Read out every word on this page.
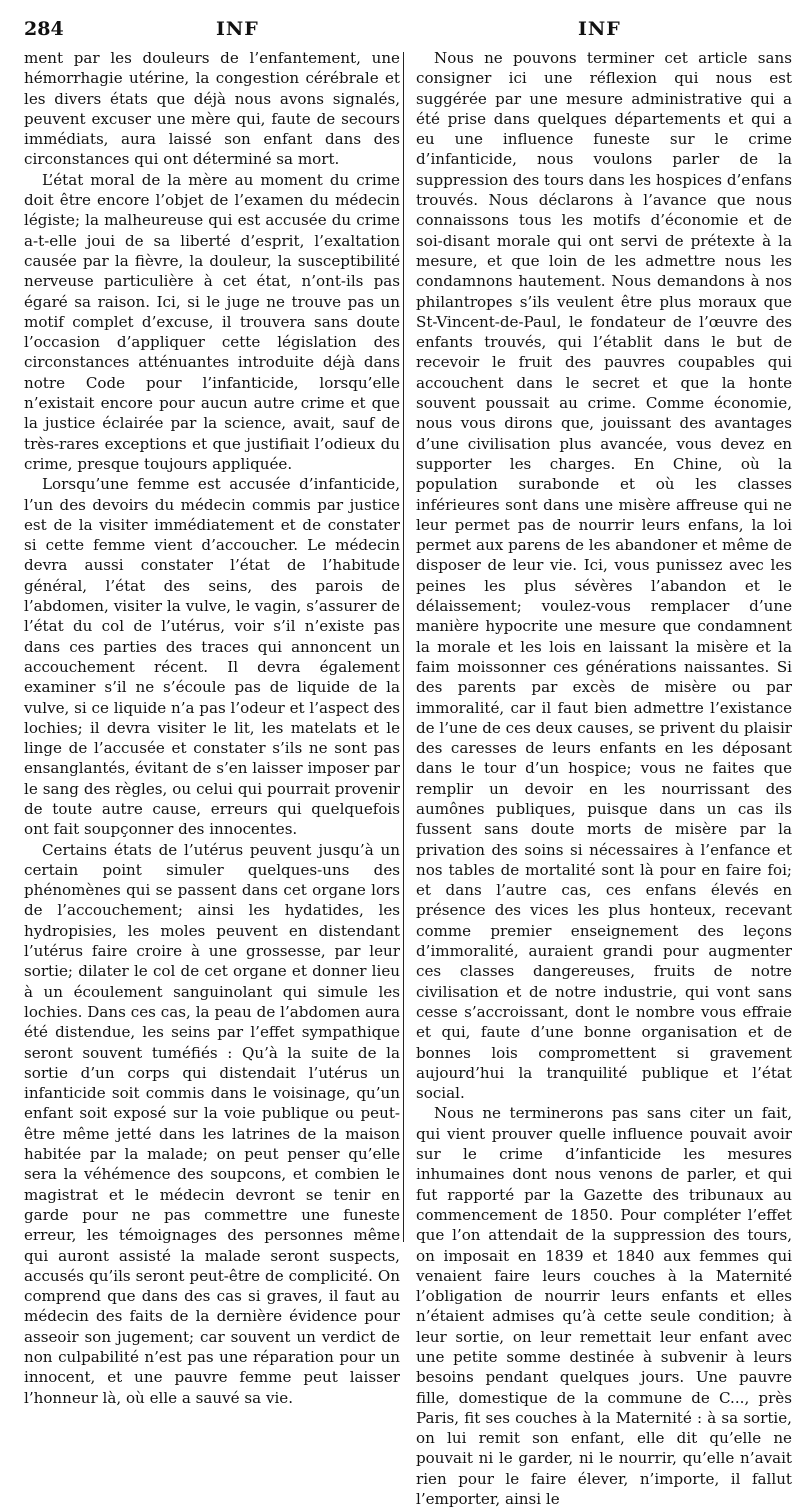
284	INF	INF

ment par les douleurs de l’enfantement, une hémorrhagie utérine, la congestion cérébrale et les divers états que déjà nous avons signalés, peuvent excuser une mère qui, faute de secours immédiats, aura laissé son enfant dans des circonstances qui ont déterminé sa mort.

L’état moral de la mère au moment du crime doit être encore l’objet de l’examen du médecin légiste; la malheureuse qui est accusée du crime a-t-elle joui de sa liberté d’esprit, l’exaltation causée par la fièvre, la douleur, la susceptibilité nerveuse particulière à cet état, n’ont-ils pas égaré sa raison. Ici, si le juge ne trouve pas un motif complet d’excuse, il trouvera sans doute l’occasion d’appliquer cette législation des circonstances atténuantes introduite déjà dans notre Code pour l’infanticide, lorsqu’elle n’existait encore pour aucun autre crime et que la justice éclairée par la science, avait, sauf de très-rares exceptions et que justifiait l’odieux du crime, presque toujours appliquée.

Lorsqu’une femme est accusée d’infanticide, l’un des devoirs du médecin commis par justice est de la visiter immédiatement et de constater si cette femme vient d’accoucher. Le médecin devra aussi constater l’état de l’habitude général, l’état des seins, des parois de l’abdomen, visiter la vulve, le vagin, s’assurer de l’état du col de l’utérus, voir s’il n’existe pas dans ces parties des traces qui annoncent un accouchement récent. Il devra également examiner s’il ne s’écoule pas de liquide de la vulve, si ce liquide n’a pas l’odeur et l’aspect des lochies; il devra visiter le lit, les matelats et le linge de l’accusée et constater s’ils ne sont pas ensanglantés, évitant de s’en laisser imposer par le sang des règles, ou celui qui pourrait provenir de toute autre cause, erreurs qui quelquefois ont fait soupçonner des innocentes.

Certains états de l’utérus peuvent jusqu’à un certain point simuler quelques-uns des phénomènes qui se passent dans cet organe lors de l’accouchement; ainsi les hydatides, les hydropisies, les moles peuvent en distendant l’utérus faire croire à une grossesse, par leur sortie; dilater le col de cet organe et donner lieu à un écoulement sanguinolant qui simule les lochies. Dans ces cas, la peau de l’abdomen aura été distendue, les seins par l’effet sympathique seront souvent tuméfiés : Qu’à la suite de la sortie d’un corps qui distendait l’utérus un infanticide soit commis dans le voisinage, qu’un enfant soit exposé sur la voie publique ou peut-être même jetté dans les latrines de la maison habitée par la malade; on peut penser qu’elle sera la véhémence des soupcons, et combien le magistrat et le médecin devront se tenir en garde pour ne pas commettre une funeste erreur, les témoignages des personnes même qui auront assisté la malade seront suspects, accusés qu’ils seront peut-être de complicité. On comprend que dans des cas si graves, il faut au médecin des faits de la dernière évidence pour asseoir son jugement; car souvent un verdict de non culpabilité n’est pas une réparation pour un innocent, et une pauvre femme peut laisser l’honneur là, où elle a sauvé sa vie.

Nous ne pouvons terminer cet article sans consigner ici une réflexion qui nous est suggérée par une mesure administrative qui a été prise dans quelques départements et qui a eu une influence funeste sur le crime d’infanticide, nous voulons parler de la suppression des tours dans les hospices d’enfans trouvés. Nous déclarons à l’avance que nous connaissons tous les motifs d’économie et de soi-disant morale qui ont servi de prétexte à la mesure, et que loin de les admettre nous les condamnons hautement. Nous demandons à nos philantropes s’ils veulent être plus moraux que St-Vincent-de-Paul, le fondateur de l’œuvre des enfants trouvés, qui l’établit dans le but de recevoir le fruit des pauvres coupables qui accouchent dans le secret et que la honte souvent poussait au crime. Comme économie, nous vous dirons que, jouissant des avantages d’une civilisation plus avancée, vous devez en supporter les charges. En Chine, où la population surabonde et où les classes inférieures sont dans une misère affreuse qui ne leur permet pas de nourrir leurs enfans, la loi permet aux parens de les abandoner et même de disposer de leur vie. Ici, vous punissez avec les peines les plus sévères l’abandon et le délaissement; voulez-vous remplacer d’une manière hypocrite une mesure que condamnent la morale et les lois en laissant la misère et la faim moissonner ces générations naissantes. Si des parents par excès de misère ou par immoralité, car il faut bien admettre l’existance de l’une de ces deux causes, se privent du plaisir des caresses de leurs enfants en les déposant dans le tour d’un hospice; vous ne faites que remplir un devoir en les nourrissant des aumônes publiques, puisque dans un cas ils fussent sans doute morts de misère par la privation des soins si nécessaires à l’enfance et nos tables de mortalité sont là pour en faire foi; et dans l’autre cas, ces enfans élevés en présence des vices les plus honteux, recevant comme premier enseignement des leçons d’immoralité, auraient grandi pour augmenter ces classes dangereuses, fruits de notre civilisation et de notre industrie, qui vont sans cesse s’accroissant, dont le nombre vous effraie et qui, faute d’une bonne organisation et de bonnes lois compromettent si gravement aujourd’hui la tranquilité publique et l’état social.

Nous ne terminerons pas sans citer un fait, qui vient prouver quelle influence pouvait avoir sur le crime d’infanticide les mesures inhumaines dont nous venons de parler, et qui fut rapporté par la Gazette des tribunaux au commencement de 1850. Pour compléter l’effet que l’on attendait de la suppression des tours, on imposait en 1839 et 1840 aux femmes qui venaient faire leurs couches à la Maternité l’obligation de nourrir leurs enfants et elles n’étaient admises qu’à cette seule condition; à leur sortie, on leur remettait leur enfant avec une petite somme destinée à subvenir à leurs besoins pendant quelques jours. Une pauvre fille, domestique de la commune de C..., près Paris, fit ses couches à la Maternité : à sa sortie, on lui remit son enfant, elle dit qu’elle ne pouvait ni le garder, ni le nourrir, qu’elle n’avait rien pour le faire élever, n’importe, il fallut l’emporter, ainsi le
